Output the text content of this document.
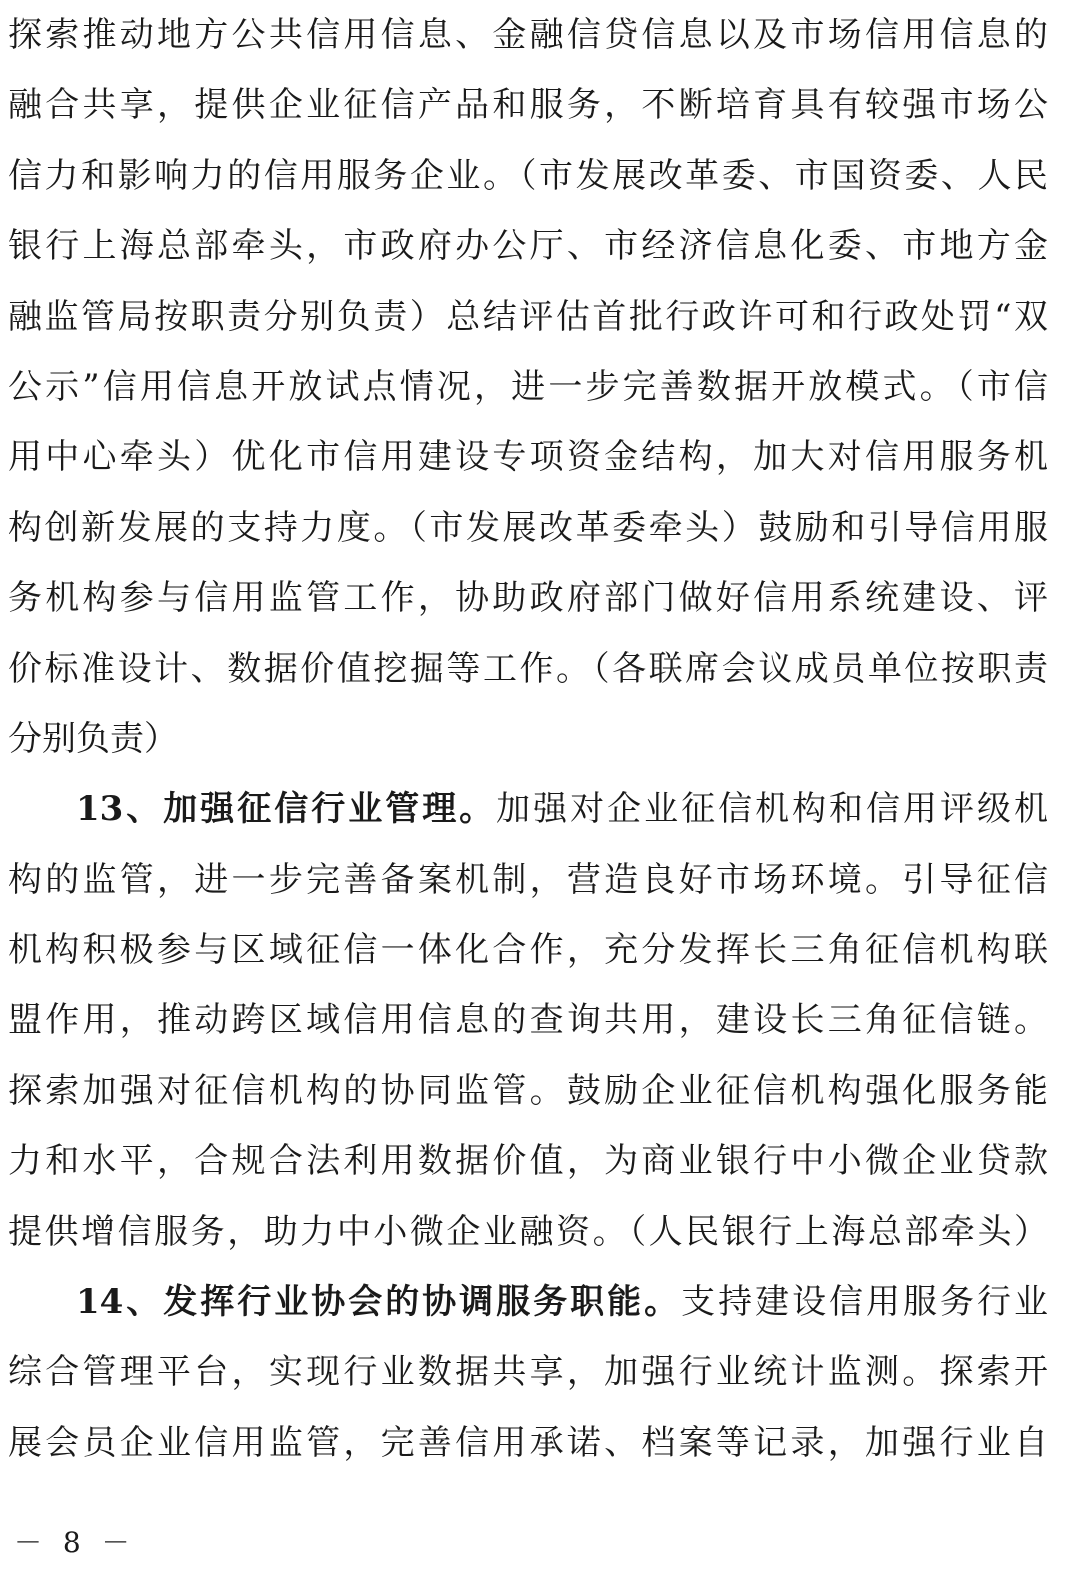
探索推动地方公共信用信息、金融信贷信息以及市场信用信息的
融合共享，提供企业征信产品和服务，不断培育具有较强市场公
信力和影响力的信用服务企业。（市发展改革委、市国资委、人民
银行上海总部牵头，市政府办公厅、市经济信息化委、市地方金
融监管局按职责分别负责）总结评估首批行政许可和行政处罚“双
公示”信用信息开放试点情况，进一步完善数据开放模式。（市信
用中心牵头）优化市信用建设专项资金结构，加大对信用服务机
构创新发展的支持力度。（市发展改革委牵头）鼓励和引导信用服
务机构参与信用监管工作，协助政府部门做好信用系统建设、评
价标准设计、数据价值挖掘等工作。（各联席会议成员单位按职责
分别负责）
13、加强征信行业管理。加强对企业征信机构和信用评级机
构的监管，进一步完善备案机制，营造良好市场环境。引导征信
机构积极参与区域征信一体化合作，充分发挥长三角征信机构联
盟作用，推动跨区域信用信息的查询共用，建设长三角征信链。
探索加强对征信机构的协同监管。鼓励企业征信机构强化服务能
力和水平，合规合法利用数据价值，为商业银行中小微企业贷款
提供增信服务，助力中小微企业融资。（人民银行上海总部牵头）
14、发挥行业协会的协调服务职能。支持建设信用服务行业
综合管理平台，实现行业数据共享，加强行业统计监测。探索开
展会员企业信用监管，完善信用承诺、档案等记录，加强行业自
－ 8 －
